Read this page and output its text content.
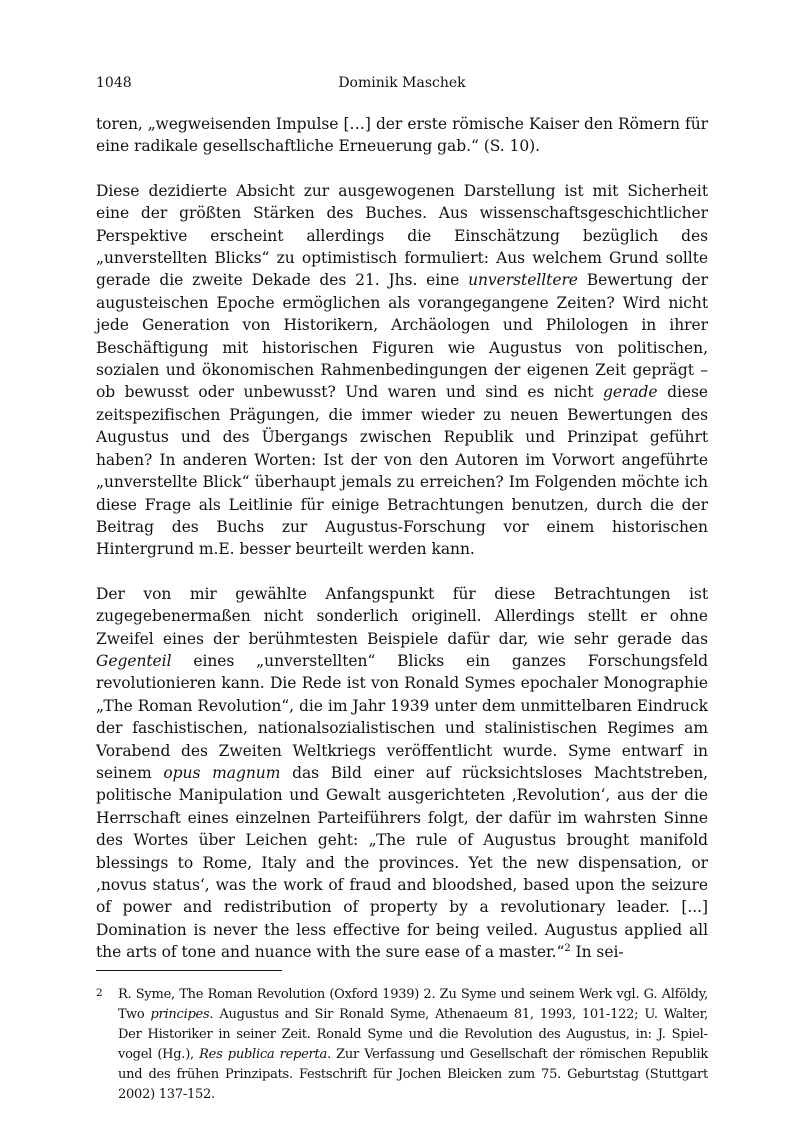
1048	Dominik Maschek

toren, „wegweisenden Impulse […] der erste römische Kaiser den Römern für eine radikale gesellschaftliche Erneuerung gab.“ (S. 10).

Diese dezidierte Absicht zur ausgewogenen Darstellung ist mit Sicherheit eine der größten Stärken des Buches. Aus wissenschaftsgeschichtlicher Perspektive erscheint allerdings die Einschätzung bezüglich des „unverstellten Blicks“ zu optimistisch formuliert: Aus welchem Grund sollte gerade die zweite Dekade des 21. Jhs. eine unverstelltere Bewertung der augusteischen Epoche ermöglichen als vorangegangene Zeiten? Wird nicht jede Generation von Historikern, Archäologen und Philologen in ihrer Beschäftigung mit historischen Figuren wie Augustus von politischen, sozialen und ökonomischen Rahmenbedingungen der eigenen Zeit geprägt – ob bewusst oder unbewusst? Und waren und sind es nicht gerade diese zeitspezifischen Prägungen, die immer wieder zu neuen Bewertungen des Augustus und des Übergangs zwischen Republik und Prinzipat geführt haben? In anderen Worten: Ist der von den Autoren im Vorwort angeführte „unverstellte Blick“ überhaupt jemals zu erreichen? Im Folgenden möchte ich diese Frage als Leitlinie für einige Betrachtungen benutzen, durch die der Beitrag des Buchs zur Augustus-Forschung vor einem historischen Hintergrund m.E. besser beurteilt werden kann.

Der von mir gewählte Anfangspunkt für diese Betrachtungen ist zugegebenermaßen nicht sonderlich originell. Allerdings stellt er ohne Zweifel eines der berühmtesten Beispiele dafür dar, wie sehr gerade das Gegenteil eines „unverstellten“ Blicks ein ganzes Forschungsfeld revolutionieren kann. Die Rede ist von Ronald Symes epochaler Monographie „The Roman Revolution“, die im Jahr 1939 unter dem unmittelbaren Eindruck der faschistischen, nationalsozialistischen und stalinistischen Regimes am Vorabend des Zweiten Weltkriegs veröffentlicht wurde. Syme entwarf in seinem opus magnum das Bild einer auf rücksichtsloses Machtstreben, politische Manipulation und Gewalt ausgerichteten ‚Revolution‘, aus der die Herrschaft eines einzelnen Parteiführers folgt, der dafür im wahrsten Sinne des Wortes über Leichen geht: „The rule of Augustus brought manifold blessings to Rome, Italy and the provinces. Yet the new dispensation, or ‚novus status‘, was the work of fraud and bloodshed, based upon the seizure of power and redistribution of property by a revolutionary leader. [...] Domination is never the less effective for being veiled. Augustus applied all the arts of tone and nuance with the sure ease of a master.“$^2$ In sei-

2 R. Syme, The Roman Revolution (Oxford 1939) 2. Zu Syme und seinem Werk vgl. G. Alföldy, Two principes. Augustus and Sir Ronald Syme, Athenaeum 81, 1993, 101-122; U. Walter, Der Historiker in seiner Zeit. Ronald Syme und die Revolution des Augustus, in: J. Spielvogel (Hg.), Res publica reperta. Zur Verfassung und Gesellschaft der römischen Republik und des frühen Prinzipats. Festschrift für Jochen Bleicken zum 75. Geburtstag (Stuttgart 2002) 137-152.
